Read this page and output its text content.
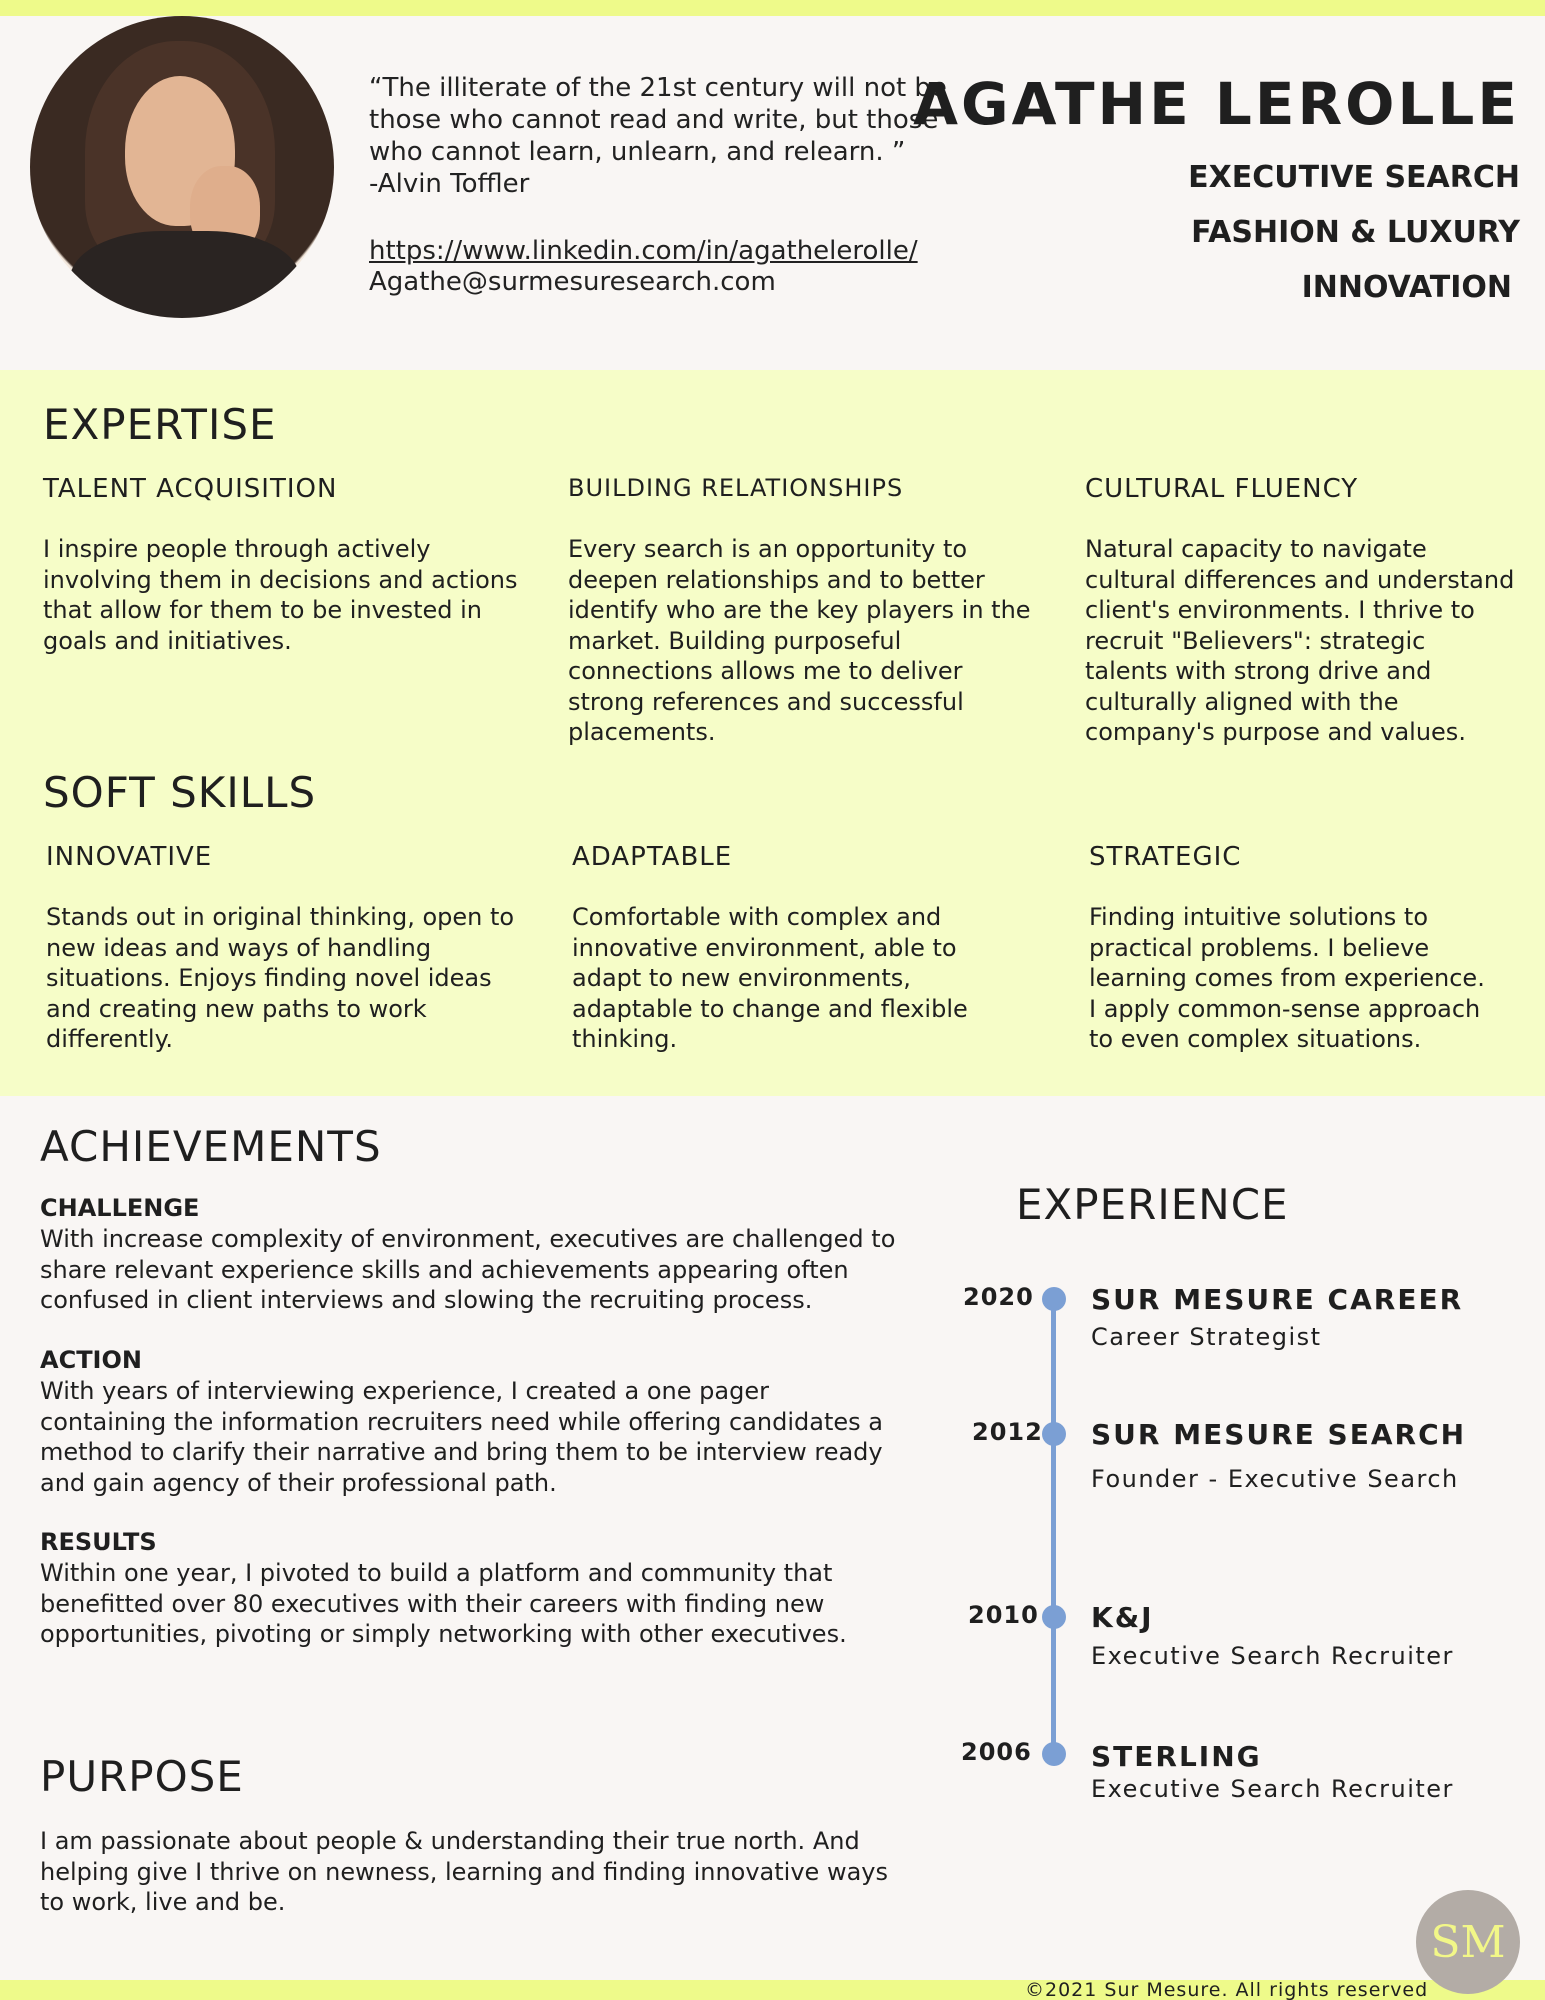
“The illiterate of the 21st century will not be those who cannot read and write, but those who cannot learn, unlearn, and relearn. ”
-Alvin Toffler
https://www.linkedin.com/in/agathelerolle/
Agathe@surmesuresearch.com
AGATHE LEROLLE
EXECUTIVE SEARCH
FASHION & LUXURY
INNOVATION
EXPERTISE
TALENT ACQUISITION
I inspire people through actively involving them in decisions and actions that allow for them to be invested in goals and initiatives.
BUILDING RELATIONSHIPS
Every search is an opportunity to deepen relationships and to better identify who are the key players in the market. Building purposeful connections allows me to deliver strong references and successful placements.
CULTURAL FLUENCY
Natural capacity to navigate cultural differences and understand client's environments. I thrive to recruit "Believers": strategic talents with strong drive and culturally aligned with the company's purpose and values.
SOFT SKILLS
INNOVATIVE
Stands out in original thinking, open to new ideas and ways of handling situations. Enjoys finding novel ideas and creating new paths to work differently.
ADAPTABLE
Comfortable with complex and innovative environment, able to adapt to new environments, adaptable to change and flexible thinking.
STRATEGIC
Finding intuitive solutions to practical problems. I believe learning comes from experience. I apply common-sense approach to even complex situations.
ACHIEVEMENTS
CHALLENGE
With increase complexity of environment, executives are challenged to share relevant experience skills and achievements appearing often confused in client interviews and slowing the recruiting process.
ACTION
With years of interviewing experience, I created a one pager containing the information recruiters need while offering candidates a method to clarify their narrative and bring them to be interview ready and gain agency of their professional path.
RESULTS
Within one year, I pivoted to build a platform and community that benefitted over 80 executives with their careers with finding new opportunities, pivoting or simply networking with other executives.
PURPOSE
I am passionate about people & understanding their true north. And helping give I thrive on newness, learning and finding innovative ways to work, live and be.
EXPERIENCE
2020 SUR MESURE CAREER
Career Strategist
2012 SUR MESURE SEARCH
Founder - Executive Search
2010 K&J
Executive Search Recruiter
2006 STERLING
Executive Search Recruiter
SM
©2021 Sur Mesure. All rights reserved
